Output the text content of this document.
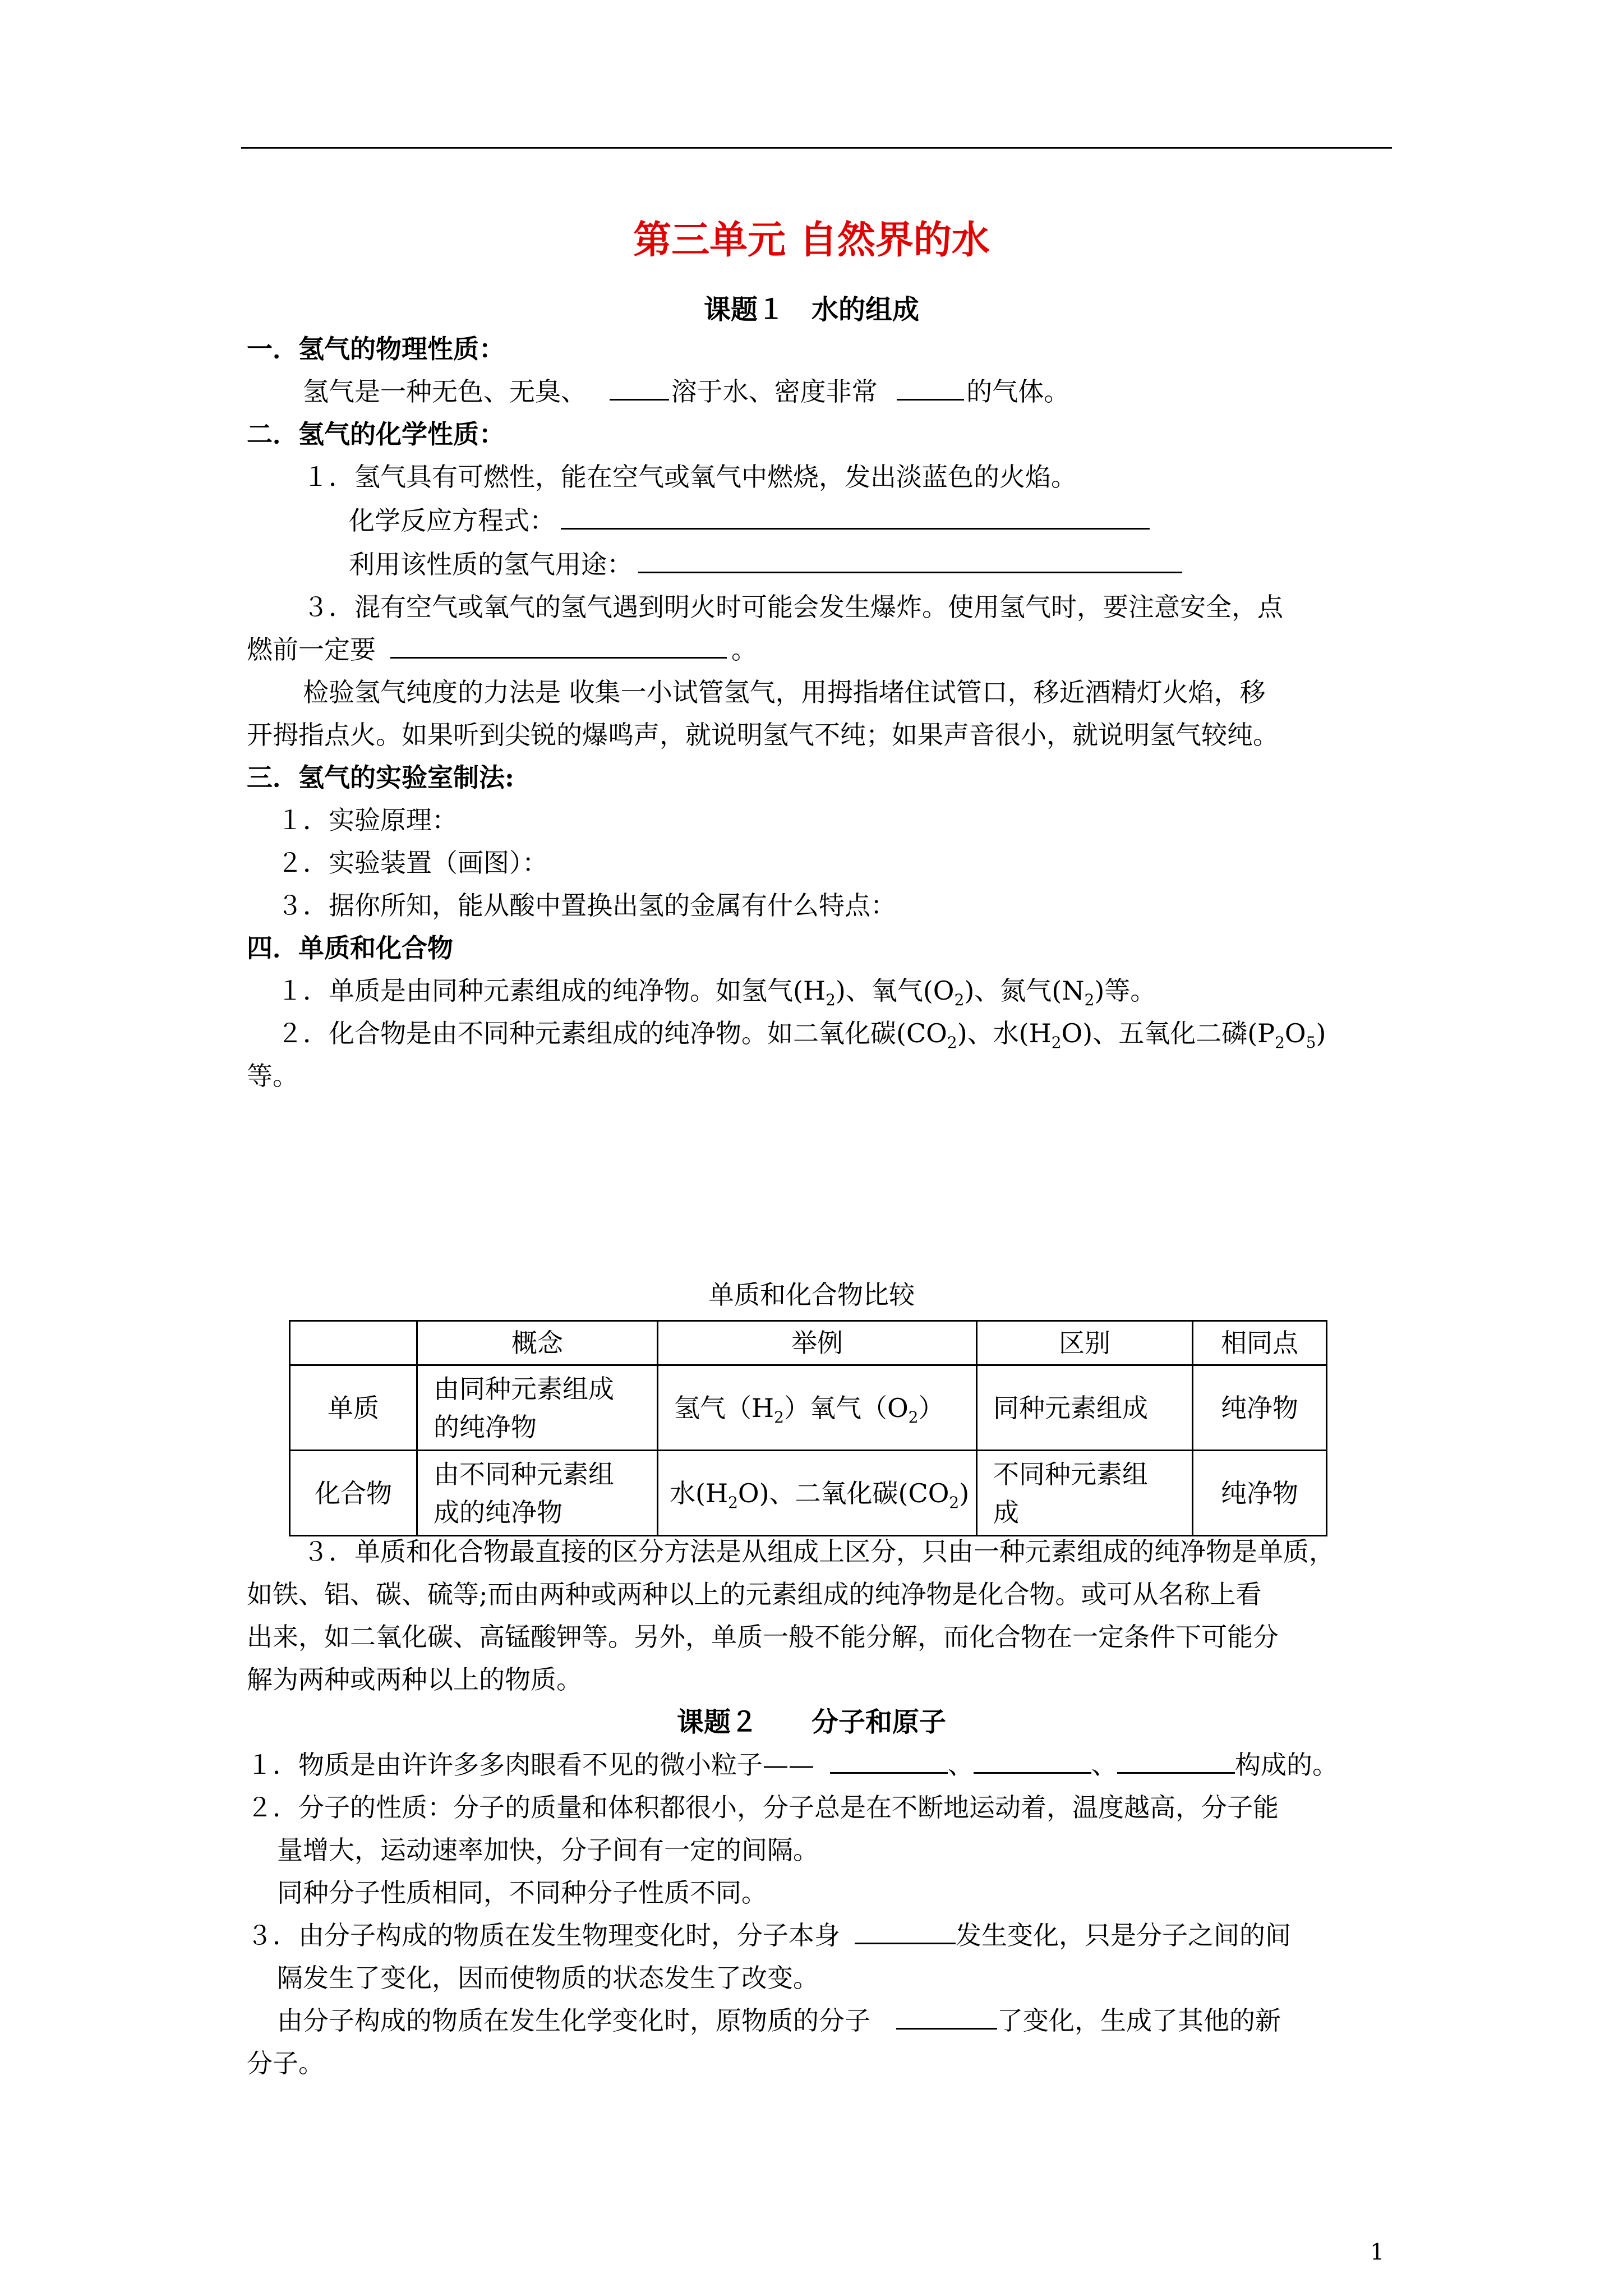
第三单元 自然界的水
课题１　水的组成
一．氢气的物理性质：
氢气是一种无色、无臭、	溶于水、密度非常	的气体。
二．氢气的化学性质：
１．氢气具有可燃性，能在空气或氧气中燃烧，发出淡蓝色的火焰。
化学反应方程式：
利用该性质的氢气用途：
３．混有空气或氧气的氢气遇到明火时可能会发生爆炸。使用氢气时，要注意安全，点
燃前一定要	。
检验氢气纯度的力法是 收集一小试管氢气，用拇指堵住试管口，移近酒精灯火焰，移
开拇指点火。如果听到尖锐的爆鸣声，就说明氢气不纯；如果声音很小，就说明氢气较纯。
三．氢气的实验室制法:
１．实验原理：
２．实验装置（画图）：
３．据你所知，能从酸中置换出氢的金属有什么特点：
四．单质和化合物
１．单质是由同种元素组成的纯净物。如氢气$(H_2)$、氧气$(O_2)$、氮气$(N_2)$等。
２．化合物是由不同种元素组成的纯净物。如二氧化碳$(CO_2)$、水$(H_2O)$、五氧化二磷$(P_2O_5)$
等。
单质和化合物比较
	概念	举例	区别	相同点
单质	由同种元素组成
的纯净物	氢气$(H_2)$氧气$(O_2)$	同种元素组成	纯净物
化合物	由不同种元素组
成的纯净物	水$(H_2O)$、二氧化碳$(CO_2)$	不同种元素组
成	纯净物
３．单质和化合物最直接的区分方法是从组成上区分，只由一种元素组成的纯净物是单质，
如铁、铝、碳、硫等;而由两种或两种以上的元素组成的纯净物是化合物。或可从名称上看
出来，如二氧化碳、高锰酸钾等。另外，单质一般不能分解，而化合物在一定条件下可能分
解为两种或两种以上的物质。
课题２　　分子和原子
１．物质是由许许多多肉眼看不见的微小粒子——	、	、	构成的。
２．分子的性质：分子的质量和体积都很小，分子总是在不断地运动着，温度越高，分子能
量增大，运动速率加快，分子间有一定的间隔。
同种分子性质相同，不同种分子性质不同。
３．由分子构成的物质在发生物理变化时，分子本身	发生变化，只是分子之间的间
隔发生了变化，因而使物质的状态发生了改变。
由分子构成的物质在发生化学变化时，原物质的分子	了变化，生成了其他的新
分子。
1
